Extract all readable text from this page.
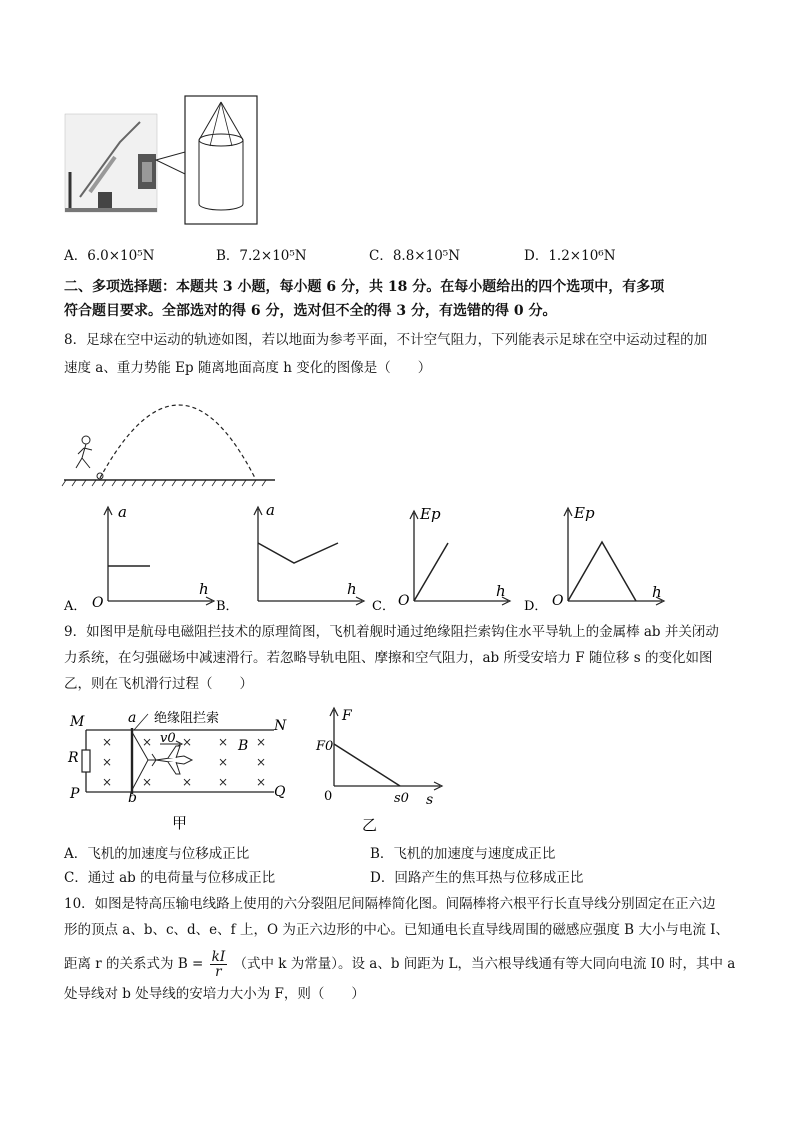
A．6.0×10⁵N	B．7.2×10⁵N	C．8.8×10⁵N	D．1.2×10⁶N
二、多项选择题：本题共 3 小题，每小题 6 分，共 18 分。在每小题给出的四个选项中，有多项
符合题目要求。全部选对的得 6 分，选对但不全的得 3 分，有选错的得 0 分。
8．足球在空中运动的轨迹如图，若以地面为参考平面，不计空气阻力，下列能表示足球在空中运动过程的加
速度 a、重力势能 Ep 随离地面高度 h 变化的图像是（　　）
A． O
a
h
B．
a
h
C． O
Ep
h
D． O
Ep
h
9．如图甲是航母电磁阻拦技术的原理简图，飞机着舰时通过绝缘阻拦索钩住水平导轨上的金属棒 ab 并关闭动
力系统，在匀强磁场中减速滑行。若忽略导轨电阻、摩擦和空气阻力，ab 所受安培力 F 随位移 s 的变化如图
乙，则在飞机滑行过程（　　）
M	a 绝缘阻拦索	N
P	b	Q
R
B
v0
×
×
×
×
×
×
× ×
×
×
×
×
×
甲
F
F0
0	s0 s
乙
A．飞机的加速度与位移成正比	B．飞机的加速度与速度成正比
C．通过 ab 的电荷量与位移成正比	D．回路产生的焦耳热与位移成正比
10．如图是特高压输电线路上使用的六分裂阻尼间隔棒简化图。间隔棒将六根平行长直导线分别固定在正六边
形的顶点 a、b、c、d、e、f 上，O 为正六边形的中心。已知通电长直导线周围的磁感应强度 B 大小与电流 I、
距离 r 的关系式为 $B = \frac{kI}{r}$ （式中 k 为常量）。设 a、b 间距为 L，当六根导线通有等大同向电流 I0 时，其中 a
处导线对 b 处导线的安培力大小为 F，则（　　）
